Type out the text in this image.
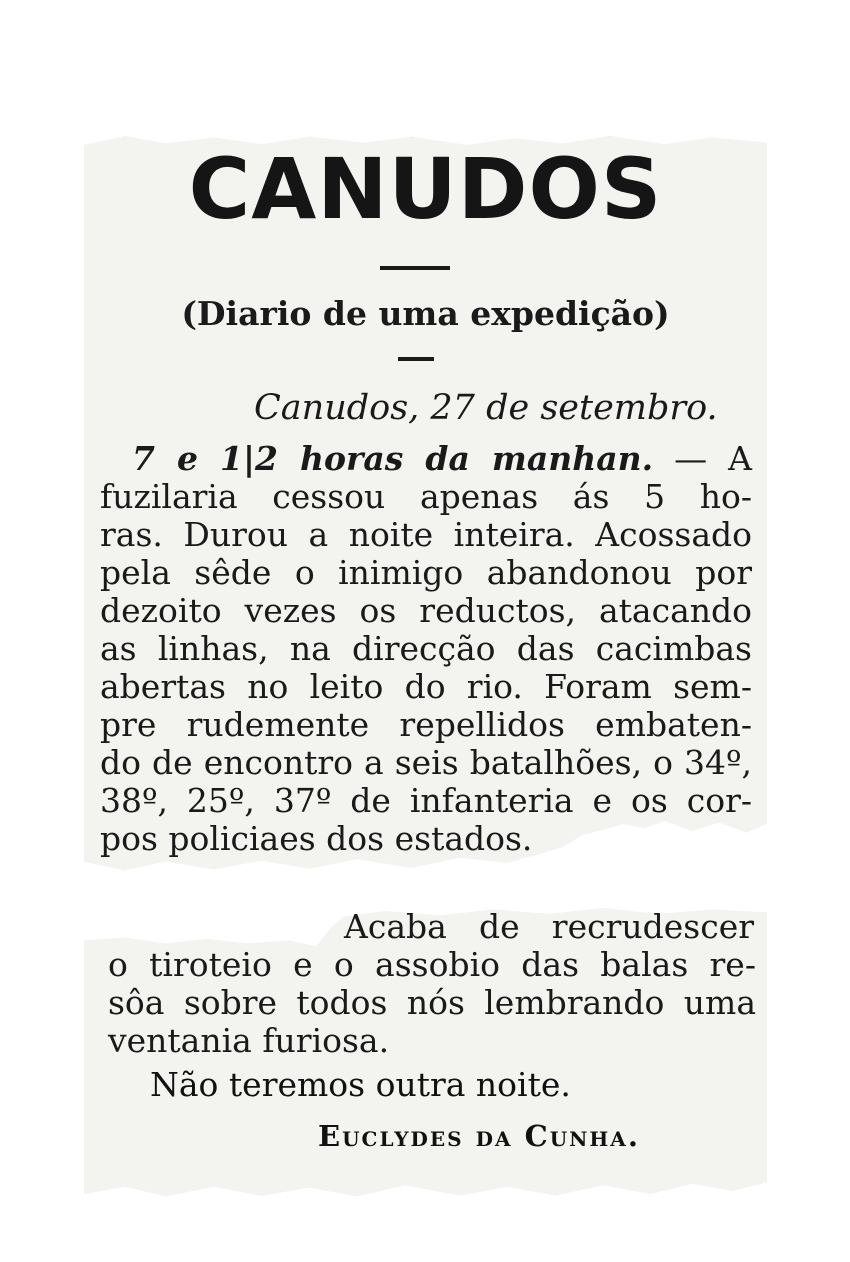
CANUDOS

(Diario de uma expedição)

Canudos, 27 de setembro.

7 e 1|2 horas da manhan. — A

fuzilaria cessou apenas ás 5 ho-

ras. Durou a noite inteira. Acossado

pela sêde o inimigo abandonou por

dezoito vezes os reductos, atacando

as linhas, na direcção das cacimbas

abertas no leito do rio. Foram sem-

pre rudemente repellidos embaten-

do de encontro a seis batalhões, o 34º,

38º, 25º, 37º de infanteria e os cor-

pos policiaes dos estados.

Acaba de recrudescer

o tiroteio e o assobio das balas re-

sôa sobre todos nós lembrando uma

ventania furiosa.

Não teremos outra noite.

Euclydes da Cunha.
